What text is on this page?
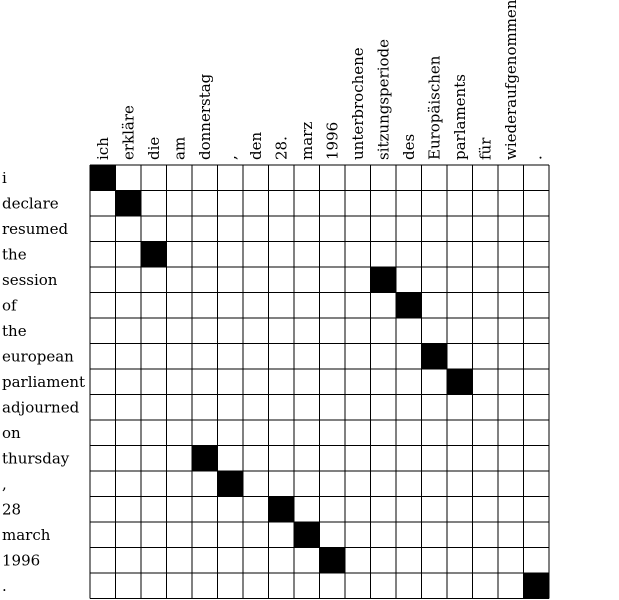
ich erkläre die am donnerstag , den 28. marz 1996 unterbrochene sitzungsperiode des Europäischen parlaments für wiederaufgenommen .
i
declare
resumed
the
session
of
the
european
parliament
adjourned
on
thursday
,
28
march
1996
.
